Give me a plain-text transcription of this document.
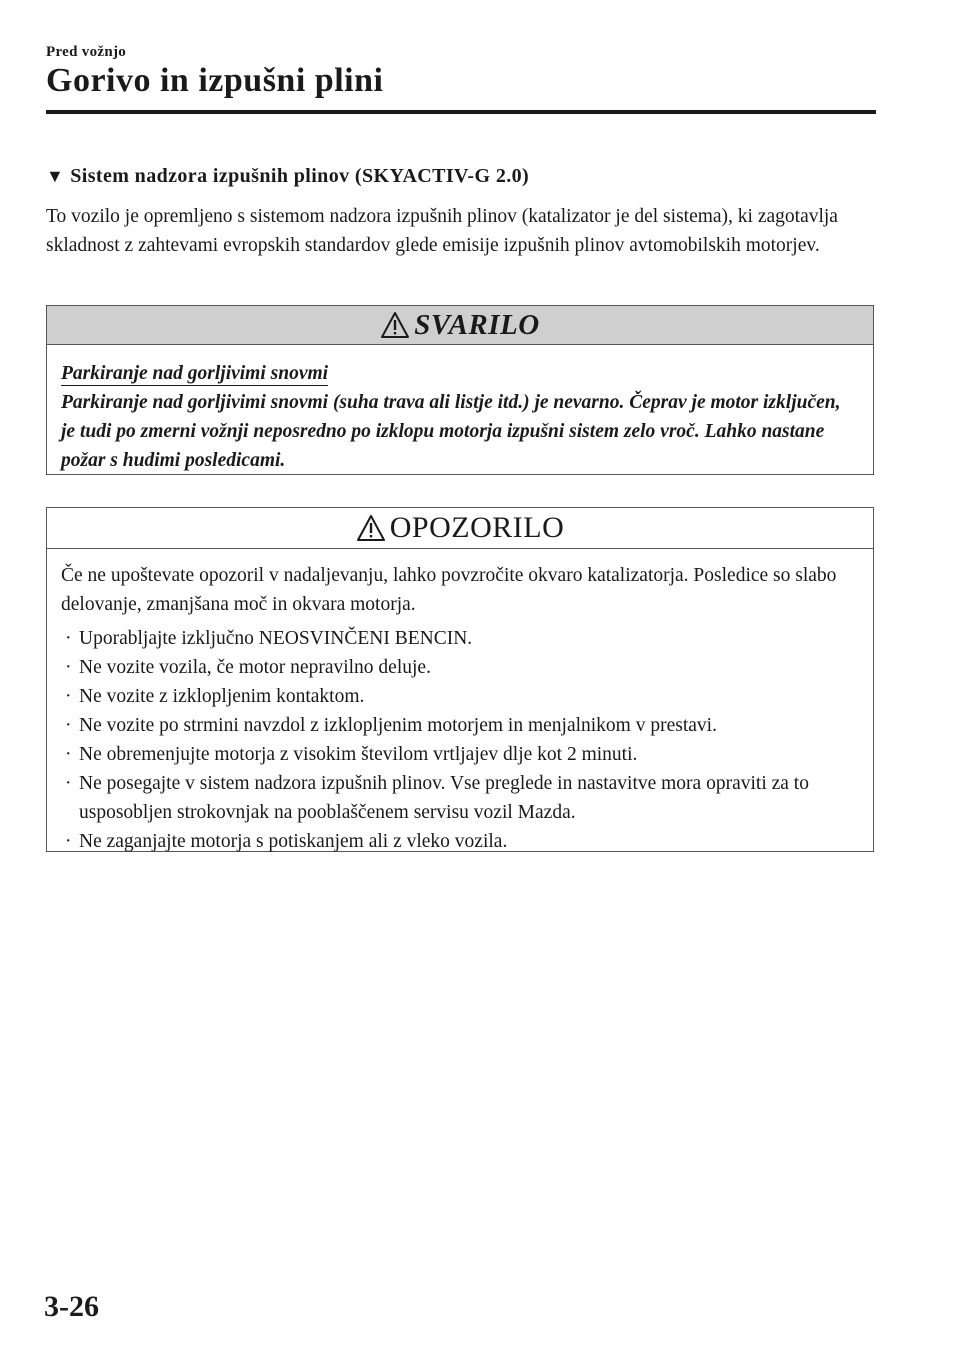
Pred vožnjo
Gorivo in izpušni plini
▼ Sistem nadzora izpušnih plinov (SKYACTIV-G 2.0)
To vozilo je opremljeno s sistemom nadzora izpušnih plinov (katalizator je del sistema), ki zagotavlja skladnost z zahtevami evropskih standardov glede emisije izpušnih plinov avtomobilskih motorjev.
SVARILO
Parkiranje nad gorljivimi snovmi
Parkiranje nad gorljivimi snovmi (suha trava ali listje itd.) je nevarno. Čeprav je motor izključen, je tudi po zmerni vožnji neposredno po izklopu motorja izpušni sistem zelo vroč. Lahko nastane požar s hudimi posledicami.
OPOZORILO
Če ne upoštevate opozoril v nadaljevanju, lahko povzročite okvaro katalizatorja. Posledice so slabo delovanje, zmanjšana moč in okvara motorja.
· Uporabljajte izključno NEOSVINČENI BENCIN.
· Ne vozite vozila, če motor nepravilno deluje.
· Ne vozite z izklopljenim kontaktom.
· Ne vozite po strmini navzdol z izklopljenim motorjem in menjalnikom v prestavi.
· Ne obremenjujte motorja z visokim številom vrtljajev dlje kot 2 minuti.
· Ne posegajte v sistem nadzora izpušnih plinov. Vse preglede in nastavitve mora opraviti za to usposobljen strokovnjak na pooblaščenem servisu vozil Mazda.
· Ne zaganjajte motorja s potiskanjem ali z vleko vozila.
3-26
